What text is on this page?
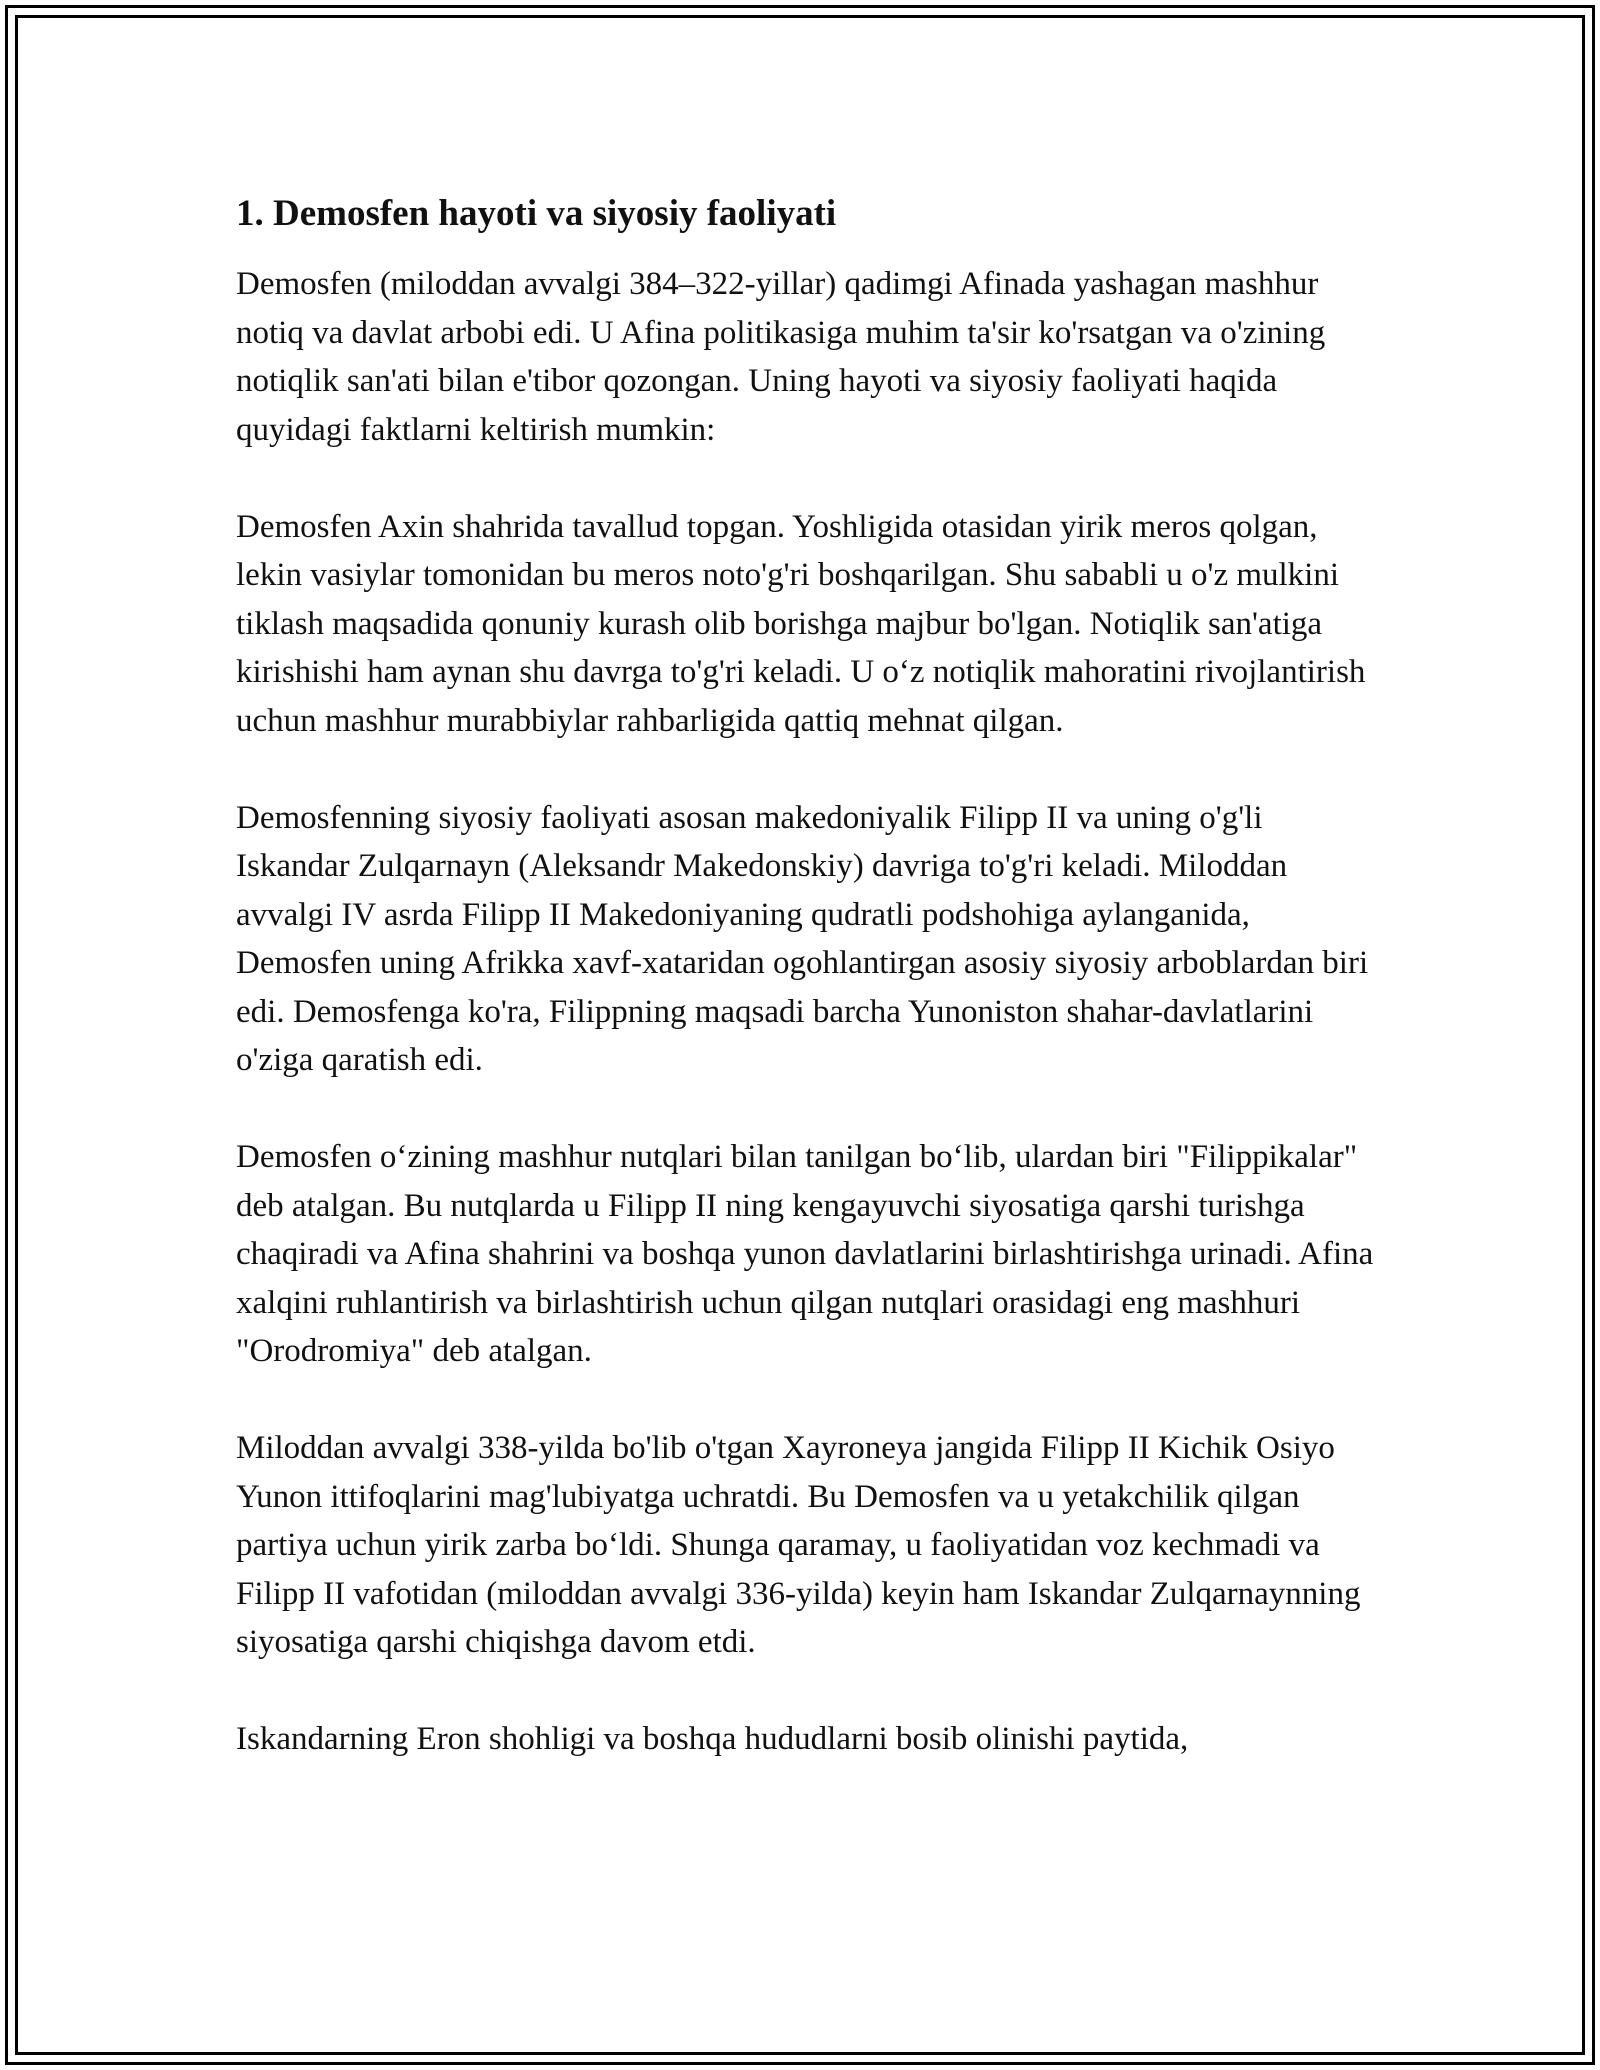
1. Demosfen hayoti va siyosiy faoliyati

Demosfen (miloddan avvalgi 384–322-yillar) qadimgi Afinada yashagan mashhur notiq va davlat arbobi edi. U Afina politikasiga muhim ta'sir ko'rsatgan va o'zining notiqlik san'ati bilan e'tibor qozongan. Uning hayoti va siyosiy faoliyati haqida quyidagi faktlarni keltirish mumkin:

Demosfen Axin shahrida tavallud topgan. Yoshligida otasidan yirik meros qolgan, lekin vasiylar tomonidan bu meros noto'g'ri boshqarilgan. Shu sababli u o'z mulkini tiklash maqsadida qonuniy kurash olib borishga majbur bo'lgan. Notiqlik san'atiga kirishishi ham aynan shu davrga to'g'ri keladi. U oʻz notiqlik mahoratini rivojlantirish uchun mashhur murabbiylar rahbarligida qattiq mehnat qilgan.

Demosfenning siyosiy faoliyati asosan makedoniyalik Filipp II va uning o'g'li Iskandar Zulqarnayn (Aleksandr Makedonskiy) davriga to'g'ri keladi. Miloddan avvalgi IV asrda Filipp II Makedoniyaning qudratli podshohiga aylanganida, Demosfen uning Afrikka xavf-xataridan ogohlantirgan asosiy siyosiy arboblardan biri edi. Demosfenga ko'ra, Filippning maqsadi barcha Yunoniston shahar-davlatlarini o'ziga qaratish edi.

Demosfen oʻzining mashhur nutqlari bilan tanilgan boʻlib, ulardan biri "Filippikalar" deb atalgan. Bu nutqlarda u Filipp II ning kengayuvchi siyosatiga qarshi turishga chaqiradi va Afina shahrini va boshqa yunon davlatlarini birlashtirishga urinadi. Afina xalqini ruhlantirish va birlashtirish uchun qilgan nutqlari orasidagi eng mashhuri "Orodromiya" deb atalgan.

Miloddan avvalgi 338-yilda bo'lib o'tgan Xayroneya jangida Filipp II Kichik Osiyo Yunon ittifoqlarini mag'lubiyatga uchratdi. Bu Demosfen va u yetakchilik qilgan partiya uchun yirik zarba boʻldi. Shunga qaramay, u faoliyatidan voz kechmadi va Filipp II vafotidan (miloddan avvalgi 336-yilda) keyin ham Iskandar Zulqarnaynning siyosatiga qarshi chiqishga davom etdi.

Iskandarning Eron shohligi va boshqa hududlarni bosib olinishi paytida,
